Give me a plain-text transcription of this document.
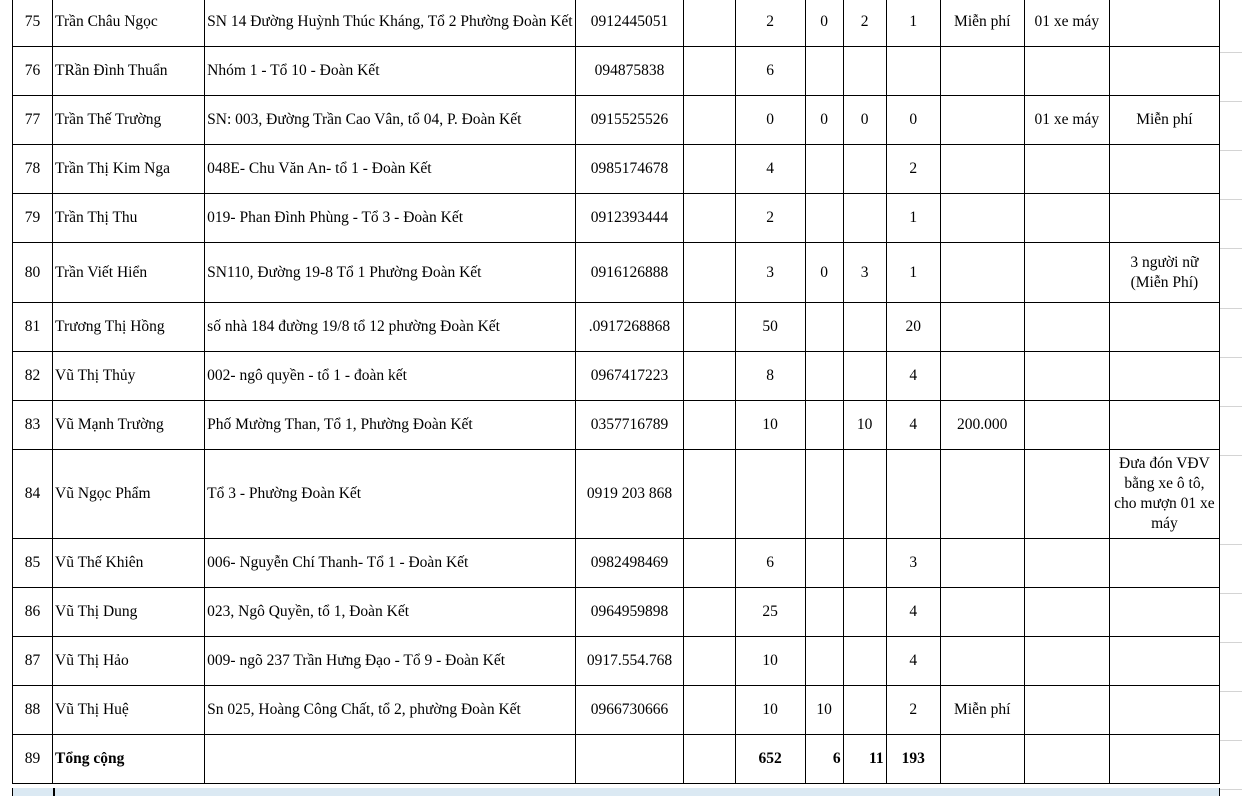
75	Trần Châu Ngọc	SN 14 Đường Huỳnh Thúc Kháng, Tổ 2 Phường Đoàn Kết	0912445051		2	0	2	1	Miễn phí	01 xe máy	
76	TRần Đình Thuẩn	Nhóm 1 - Tổ 10 - Đoàn Kết	094875838		6						
77	Trần Thế Trường	SN: 003, Đường Trần Cao Vân, tổ 04, P. Đoàn Kết	0915525526		0	0	0	0		01 xe máy	Miễn phí
78	Trần Thị Kim Nga	048E- Chu Văn An- tổ 1 - Đoàn Kết	0985174678		4			2			
79	Trần Thị Thu	019- Phan Đình Phùng - Tổ 3 - Đoàn Kết	0912393444		2			1			
80	Trần Viết Hiển	SN110, Đường 19-8 Tổ 1 Phường Đoàn Kết	0916126888		3	0	3	1			3 người nữ (Miễn Phí)
81	Trương Thị Hồng	số nhà 184 đường 19/8 tổ 12 phường Đoàn Kết	.0917268868		50			20			
82	Vũ Thị Thủy	002- ngô quyền - tổ 1 - đoàn kết	0967417223		8			4			
83	Vũ Mạnh Trường	Phố Mường Than, Tổ 1, Phường Đoàn Kết	0357716789		10		10	4	200.000		
84	Vũ Ngọc Phẩm	Tổ 3 - Phường Đoàn Kết	0919 203 868								Đưa đón VĐV bằng xe ô tô, cho mượn 01 xe máy
85	Vũ Thế Khiên	006- Nguyễn Chí Thanh- Tổ 1 - Đoàn Kết	0982498469		6			3			
86	Vũ Thị Dung	023, Ngô Quyền, tổ 1, Đoàn Kết	0964959898		25			4			
87	Vũ Thị Hảo	009- ngõ 237 Trần Hưng Đạo - Tổ 9 - Đoàn Kết	0917.554.768		10			4			
88	Vũ Thị Huệ	Sn 025, Hoàng Công Chất, tổ 2, phường Đoàn Kết	0966730666		10	10		2	Miễn phí		
89	Tổng cộng				652	6	11	193			
